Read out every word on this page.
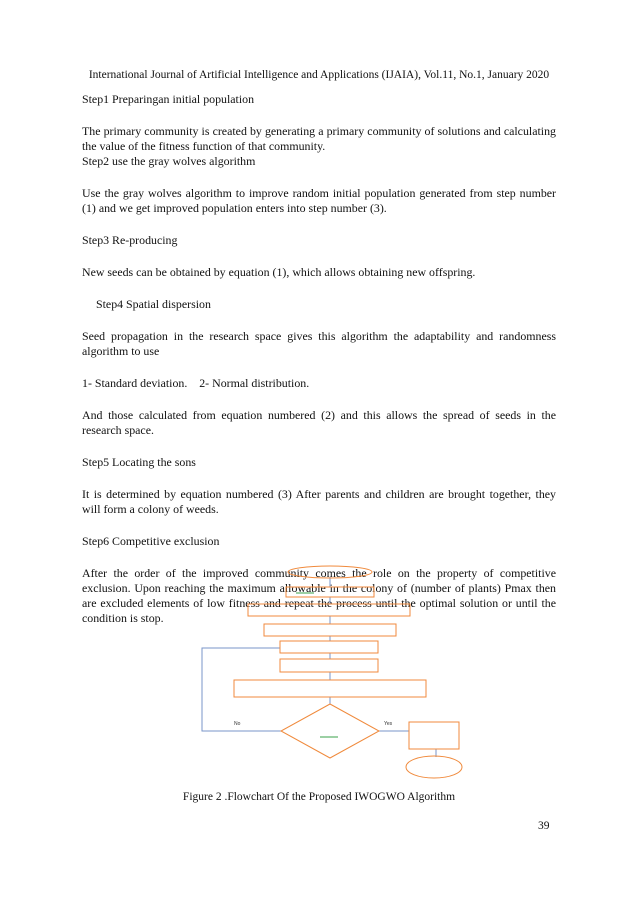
International Journal of Artificial Intelligence and Applications (IJAIA), Vol.11, No.1, January 2020

Step1 Preparingan initial population

The primary community is created by generating a primary community of solutions and calculating the value of the fitness function of that community.

Step2 use the gray wolves algorithm

Use the gray wolves algorithm to improve random initial population generated from step number (1) and we get improved population enters into step number (3).

Step3 Re-producing

New seeds can be obtained by equation (1), which allows obtaining new offspring.

Step4 Spatial dispersion

Seed propagation in the research space gives this algorithm the adaptability and randomness algorithm to use

1- Standard deviation.    2- Normal distribution.

And those calculated from equation numbered (2) and this allows the spread of seeds in the research space.

Step5 Locating the sons

It is determined by equation numbered (3) After parents and children are brought together, they will form a colony of weeds.

Step6 Competitive exclusion

After the order of the improved community comes the role on the property of competitive exclusion. Upon reaching the maximum allowable in the colony of (number of plants) Pmax then are excluded elements of low fitness and repeat the process until the optimal solution or until the condition is stop.

No	Yes
Figure 2 .Flowchart Of the Proposed IWOGWO Algorithm
39
